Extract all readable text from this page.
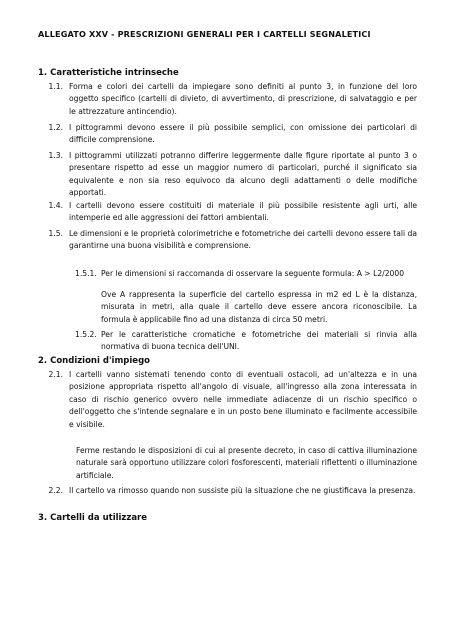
ALLEGATO XXV - PRESCRIZIONI GENERALI PER I CARTELLI SEGNALETICI
1. Caratteristiche intrinseche
1.1. Forma e colori dei cartelli da impiegare sono definiti al punto 3, in funzione del loro oggetto specifico (cartelli di divieto, di avvertimento, di prescrizione, di salvataggio e per le attrezzature antincendio).
1.2. I pittogrammi devono essere il più possibile semplici, con omissione dei particolari di difficile comprensione.
1.3. I pittogrammi utilizzati potranno differire leggermente dalle figure riportate al punto 3 o presentare rispetto ad esse un maggior numero di particolari, purché il significato sia equivalente e non sia reso equivoco da alcuno degli adattamenti o delle modifiche apportati.
1.4. I cartelli devono essere costituiti di materiale il più possibile resistente agli urti, alle intemperie ed alle aggressioni dei fattori ambientali.
1.5. Le dimensioni e le proprietà colorimetriche e fotometriche dei cartelli devono essere tali da garantirne una buona visibilità e comprensione.
1.5.1. Per le dimensioni si raccomanda di osservare la seguente formula: A > L2/2000
Ove A rappresenta la superficie del cartello espressa in m2 ed L è la distanza, misurata in metri, alla quale il cartello deve essere ancora riconoscibile. La formula è applicabile fino ad una distanza di circa 50 metri.
1.5.2. Per le caratteristiche cromatiche e fotometriche dei materiali si rinvia alla normativa di buona tecnica dell'UNI.
2. Condizioni d'impiego
2.1. I cartelli vanno sistemati tenendo conto di eventuali ostacoli, ad un'altezza e in una posizione appropriata rispetto all'angolo di visuale, all'ingresso alla zona interessata in caso di rischio generico ovvero nelle immediate adiacenze di un rischio specifico o dell'oggetto che s'intende segnalare e in un posto bene illuminato e facilmente accessibile e visibile.
Ferme restando le disposizioni di cui al presente decreto, in caso di cattiva illuminazione naturale sarà opportuno utilizzare colori fosforescenti, materiali riflettenti o illuminazione artificiale.
2.2. Il cartello va rimosso quando non sussiste più la situazione che ne giustificava la presenza.
3. Cartelli da utilizzare
